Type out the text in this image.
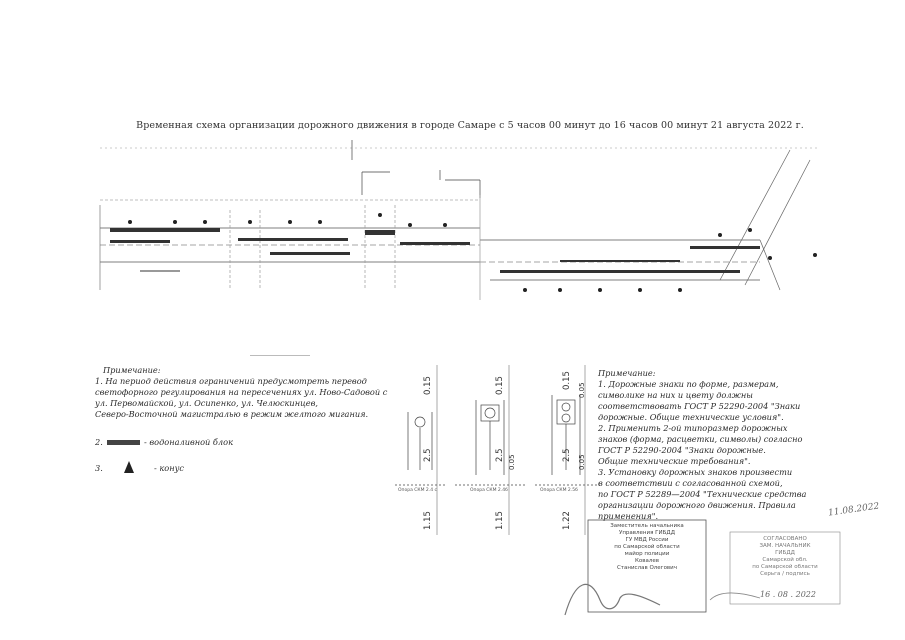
Временная схема организации дорожного движения в городе Самаре с 5 часов 00 минут до 16 часов 00 минут 21 августа 2022 г.
Примечание:
1. На период действия ограничений предусмотреть перевод
светофорного регулирования на пересечениях ул. Ново-Садовой с
ул. Первомайской, ул. Осипенко, ул. Челюскинцев,
Северо-Восточной магистралью в режим желтого мигания.
2.	- водоналивной блок
3.	- конус
Примечание:
1. Дорожные знаки по форме, размерам,
символике на них и цвету должны
соответствовать ГОСТ Р 52290-2004 "Знаки
дорожные. Общие технические условия".
2. Применить 2-ой типоразмер дорожных
знаков (форма, расцветки, символы) согласно
ГОСТ Р 52290-2004 "Знаки дорожные.
Общие технические требования".
3. Установку дорожных знаков произвести
в соответствии с согласованной схемой,
по ГОСТ Р 52289—2004 "Технические средства
организации дорожного движения. Правила
применения".
0.15
2.5
1.15
Опора СКМ 2.4 с
0.15
2.5 0.05
1.15
Опора СКМ 2.4б
0.15
0.05
2.5 0.05
1.22
Опора СКМ 2.5б
Заместитель начальника
Управления ГИБДД
ГУ МВД России
по Самарской области
майор полиции
Ковалев
Станислав Олегович
СОГЛАСОВАНО
ЗАМ. НАЧАЛЬНИК
ГИБДД
Самарской обл.
по Самарской области
Серьга / подпись
11.08.2022
16 . 08 . 2022
